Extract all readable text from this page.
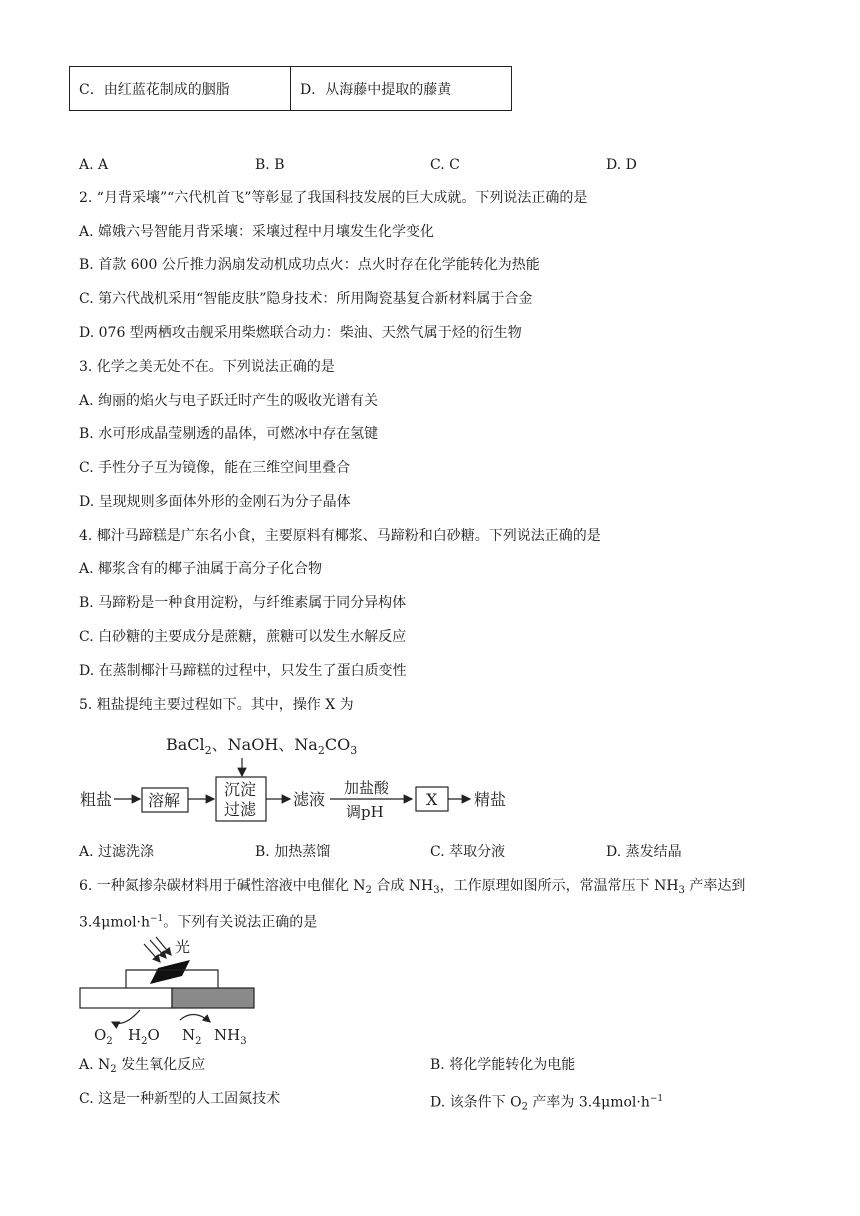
C．由红蓝花制成的胭脂	D．从海藤中提取的藤黄
A. A	B. B	C. C	D. D
2. “月背采壤”“六代机首飞”等彰显了我国科技发展的巨大成就。下列说法正确的是
A. 嫦娥六号智能月背采壤：采壤过程中月壤发生化学变化
B. 首款 600 公斤推力涡扇发动机成功点火：点火时存在化学能转化为热能
C. 第六代战机采用“智能皮肤”隐身技术：所用陶瓷基复合新材料属于合金
D. 076 型两栖攻击舰采用柴燃联合动力：柴油、天然气属于烃的衍生物
3. 化学之美无处不在。下列说法正确的是
A. 绚丽的焰火与电子跃迁时产生的吸收光谱有关
B. 水可形成晶莹剔透的晶体，可燃冰中存在氢键
C. 手性分子互为镜像，能在三维空间里叠合
D. 呈现规则多面体外形的金刚石为分子晶体
4. 椰汁马蹄糕是广东名小食，主要原料有椰浆、马蹄粉和白砂糖。下列说法正确的是
A. 椰浆含有的椰子油属于高分子化合物
B. 马蹄粉是一种食用淀粉，与纤维素属于同分异构体
C. 白砂糖的主要成分是蔗糖，蔗糖可以发生水解反应
D. 在蒸制椰汁马蹄糕的过程中，只发生了蛋白质变性
5. 粗盐提纯主要过程如下。其中，操作 X 为
BaCl$_2$、NaOH、$Na_2CO_3$
粗盐 溶解
沉淀
过滤
滤液
加盐酸
调pH
X 精盐
A. 过滤洗涤	B. 加热蒸馏	C. 萃取分液	D. 蒸发结晶
6. 一种氮掺杂碳材料用于碱性溶液中电催化 $N_2$ 合成 $NH_3$，工作原理如图所示，常温常压下 $NH_3$ 产率达到
$3.4\mu mol\cdot h^{-1}$。下列有关说法正确的是
光
$O_2$ $H_2O$ $N_2$ $NH_3$
A. $N_2$ 发生氧化反应	B. 将化学能转化为电能
C. 这是一种新型的人工固氮技术	D. 该条件下 $O_2$ 产率为 $3.4\mu mol\cdot h^{-1}$
